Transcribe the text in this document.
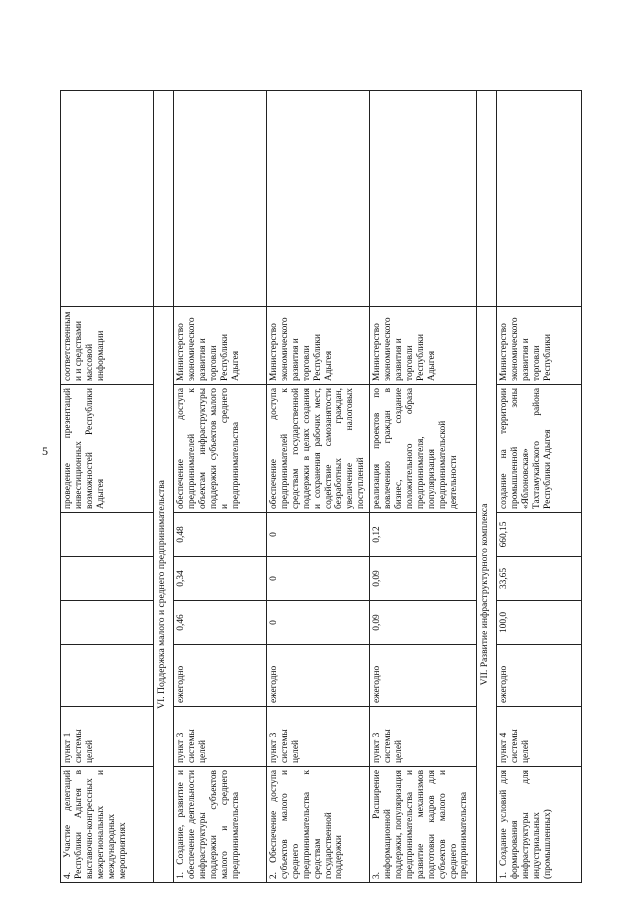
5
4. Участие делегаций Республики Адыгея в выставочно-конгрессных межрегиональных и международных мероприятиях	пункт 1 системы целей					проведение презентаций инвестиционных возможностей Республики Адыгея	соответственными и средствами массовой информации	
VI. Поддержка малого и среднего предпринимательства								
1. Создание, развитие и обеспечение деятельности инфраструктуры поддержки субъектов малого и среднего предпринимательства	пункт 3 системы целей	ежегодно	0,46	0,34	0,48	обеспечение доступа предпринимателей к объектам инфраструктуры поддержки субъектов малого и среднего предпринимательства	Министерство экономического развития и торговли Республики Адыгея	
2. Обеспечение доступа субъектов малого и среднего предпринимательства к средствам государственной поддержки	пункт 3 системы целей	ежегодно	0	0	0	обеспечение доступа предпринимателей к средствам государственной поддержки в целях создания и сохранения рабочих мест, содействие самозанятости безработных граждан, увеличение налоговых поступлений	Министерство экономического развития и торговли Республики Адыгея	
3. Расширение информационной поддержки, популяризация предпринимательства и развитие механизмов подготовки кадров для субъектов малого и среднего предпринимательства	пункт 3 системы целей	ежегодно	0,09	0,09	0,12	реализация проектов по вовлечению граждан в бизнес, создание положительного образа предпринимателя, популяризация предпринимательской деятельности	Министерство экономического развития и торговли Республики Адыгея	
VII. Развитие инфраструктурного комплекса								
1. Создание условий для формирования инфраструктуры для индустриальных (промышленных)	пункт 4 системы целей	ежегодно	100,0	33,65	660,15	создание на территории промышленной зоны «Яблоновская» Тахтамукайского района Республики Адыгея	Министерство экономического развития и торговли Республики	
